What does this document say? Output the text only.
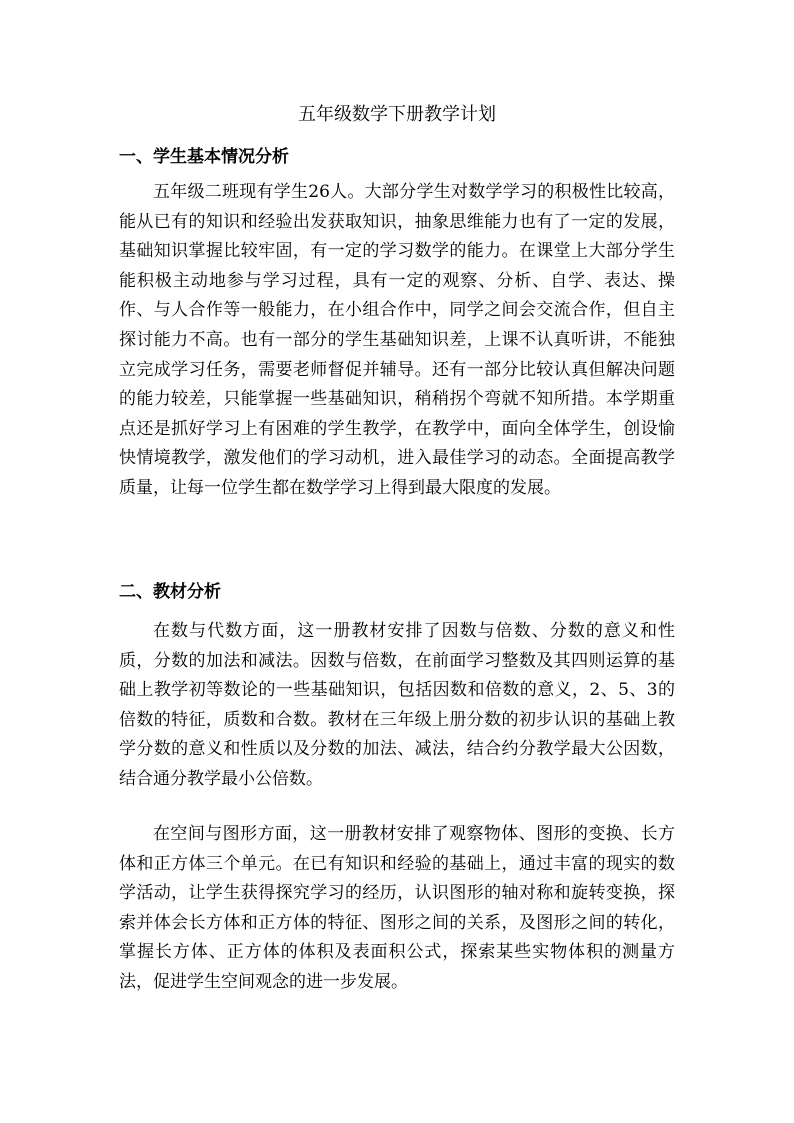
五年级数学下册教学计划
一、学生基本情况分析

五年级二班现有学生26人。大部分学生对数学学习的积极性比较高，能从已有的知识和经验出发获取知识，抽象思维能力也有了一定的发展，基础知识掌握比较牢固，有一定的学习数学的能力。在课堂上大部分学生能积极主动地参与学习过程，具有一定的观察、分析、自学、表达、操作、与人合作等一般能力，在小组合作中，同学之间会交流合作，但自主探讨能力不高。也有一部分的学生基础知识差，上课不认真听讲，不能独立完成学习任务，需要老师督促并辅导。还有一部分比较认真但解决问题的能力较差，只能掌握一些基础知识，稍稍拐个弯就不知所措。本学期重点还是抓好学习上有困难的学生教学，在教学中，面向全体学生，创设愉快情境教学，激发他们的学习动机，进入最佳学习的动态。全面提高教学质量，让每一位学生都在数学学习上得到最大限度的发展。

二、教材分析

在数与代数方面，这一册教材安排了因数与倍数、分数的意义和性质，分数的加法和减法。因数与倍数，在前面学习整数及其四则运算的基础上教学初等数论的一些基础知识，包括因数和倍数的意义，2、5、3的倍数的特征，质数和合数。教材在三年级上册分数的初步认识的基础上教学分数的意义和性质以及分数的加法、减法，结合约分教学最大公因数，结合通分教学最小公倍数。

在空间与图形方面，这一册教材安排了观察物体、图形的变换、长方体和正方体三个单元。在已有知识和经验的基础上，通过丰富的现实的数学活动，让学生获得探究学习的经历，认识图形的轴对称和旋转变换，探索并体会长方体和正方体的特征、图形之间的关系，及图形之间的转化，掌握长方体、正方体的体积及表面积公式，探索某些实物体积的测量方法，促进学生空间观念的进一步发展。
